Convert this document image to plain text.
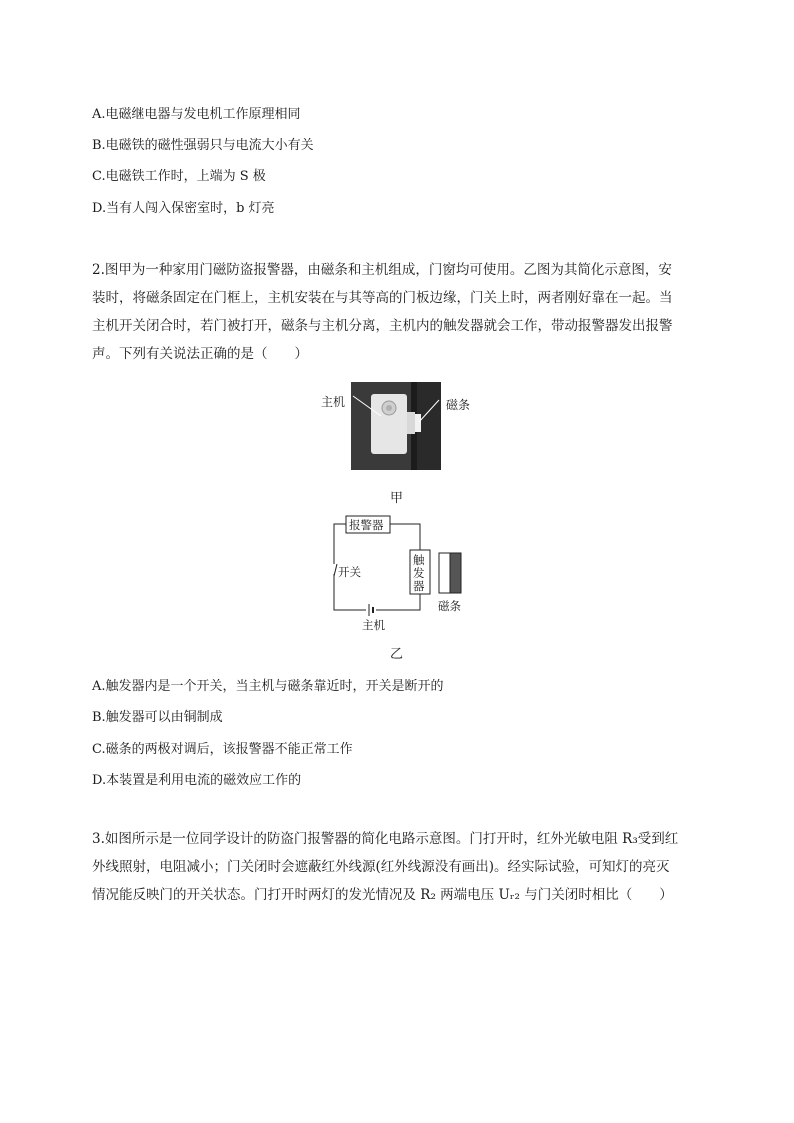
A.电磁继电器与发电机工作原理相同
B.电磁铁的磁性强弱只与电流大小有关
C.电磁铁工作时，上端为 S 极
D.当有人闯入保密室时，b 灯亮
2.图甲为一种家用门磁防盗报警器，由磁条和主机组成，门窗均可使用。乙图为其简化示意图，安
装时，将磁条固定在门框上，主机安装在与其等高的门板边缘，门关上时，两者刚好靠在一起。当
主机开关闭合时，若门被打开，磁条与主机分离，主机内的触发器就会工作，带动报警器发出报警
声。下列有关说法正确的是（　　）
主机	磁条
甲
报警器
开关
触
发
器
磁条
主机
乙
A.触发器内是一个开关，当主机与磁条靠近时，开关是断开的
B.触发器可以由铜制成
C.磁条的两极对调后，该报警器不能正常工作
D.本装置是利用电流的磁效应工作的
3.如图所示是一位同学设计的防盗门报警器的简化电路示意图。门打开时，红外光敏电阻 R₃受到红
外线照射，电阻减小；门关闭时会遮蔽红外线源(红外线源没有画出)。经实际试验，可知灯的亮灭
情况能反映门的开关状态。门打开时两灯的发光情况及 R₂ 两端电压 Uᵣ₂ 与门关闭时相比（　　）
